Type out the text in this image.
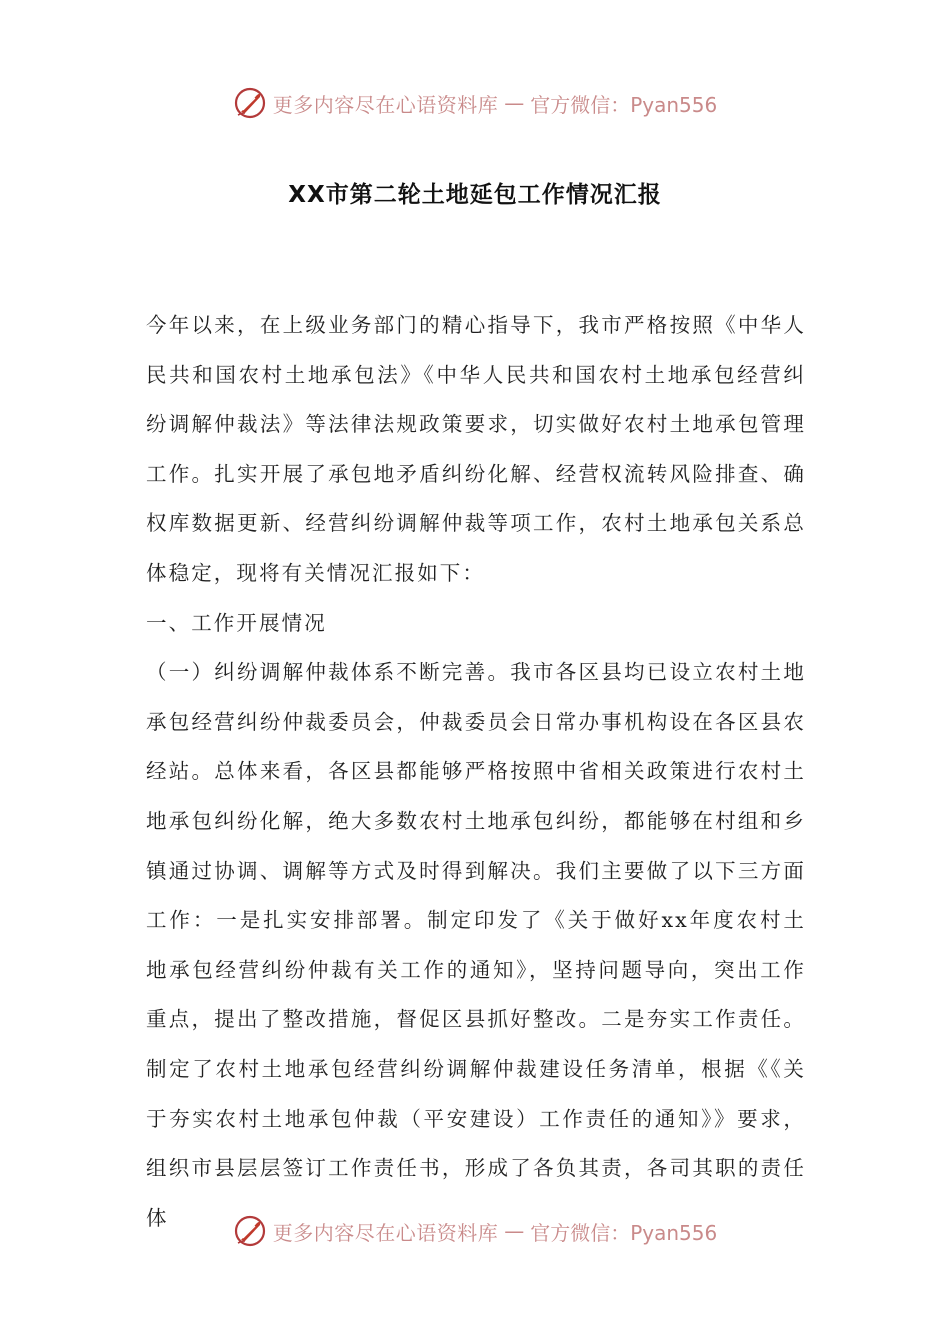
更多内容尽在心语资料库 — 官方微信：Pyan556
XX市第二轮土地延包工作情况汇报

今年以来，在上级业务部门的精心指导下，我市严格按照《中华人民共和国农村土地承包法》《中华人民共和国农村土地承包经营纠纷调解仲裁法》等法律法规政策要求，切实做好农村土地承包管理工作。扎实开展了承包地矛盾纠纷化解、经营权流转风险排查、确权库数据更新、经营纠纷调解仲裁等项工作，农村土地承包关系总体稳定，现将有关情况汇报如下：

一、工作开展情况

（一）纠纷调解仲裁体系不断完善。我市各区县均已设立农村土地承包经营纠纷仲裁委员会，仲裁委员会日常办事机构设在各区县农经站。总体来看，各区县都能够严格按照中省相关政策进行农村土地承包纠纷化解，绝大多数农村土地承包纠纷，都能够在村组和乡镇通过协调、调解等方式及时得到解决。我们主要做了以下三方面工作：一是扎实安排部署。制定印发了《关于做好xx年度农村土地承包经营纠纷仲裁有关工作的通知》，坚持问题导向，突出工作重点，提出了整改措施，督促区县抓好整改。二是夯实工作责任。制定了农村土地承包经营纠纷调解仲裁建设任务清单，根据《《关于夯实农村土地承包仲裁（平安建设）工作责任的通知》》要求，组织市县层层签订工作责任书，形成了各负其责，各司其职的责任体

更多内容尽在心语资料库 — 官方微信：Pyan556
